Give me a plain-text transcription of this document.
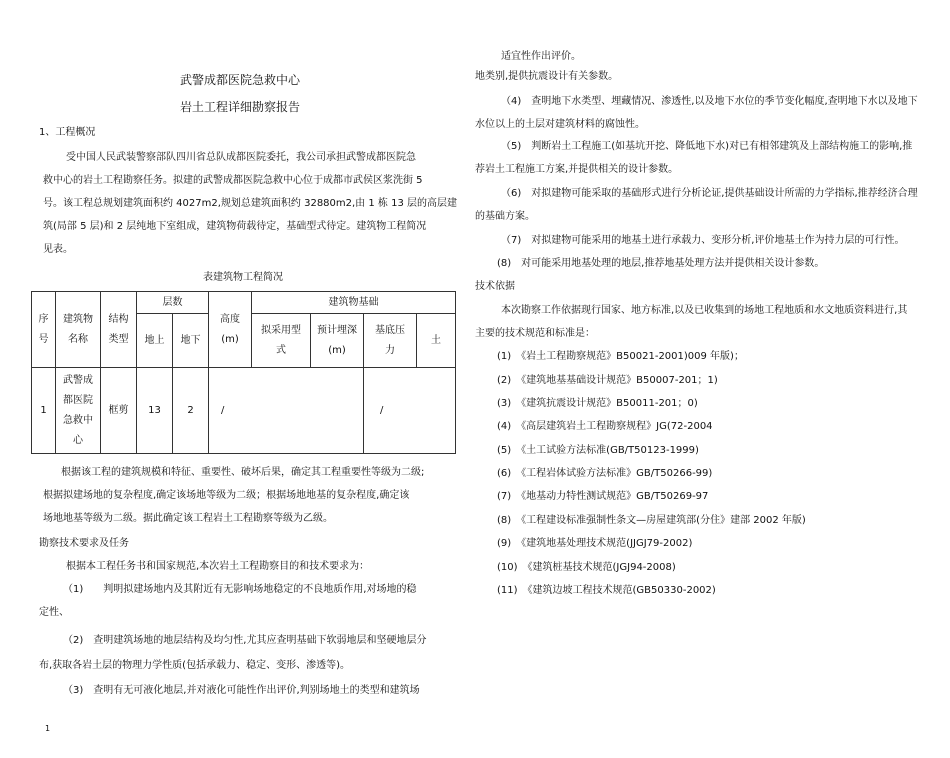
武警成都医院急救中心
岩土工程详细勘察报告
1、工程概况
受中国人民武装警察部队四川省总队成都医院委托，我公司承担武警成都医院急
救中心的岩土工程勘察任务。拟建的武警成都医院急救中心位于成都市武侯区浆洗街 5
号。该工程总规划建筑面积约 4027m2,规划总建筑面积约 32880m2,由 1 栋 13 层的高层建
筑(局部 5 层)和 2 层纯地下室组成，建筑物荷载待定，基础型式待定。建筑物工程简况
见表。
表建筑物工程简况
序号	建筑物名称	结构类型	层数		高度(m)	建筑物基础			
			地上	地下		拟采用型式	预计埋深(m)	基底压力	土

1	武警成都医院急救中心	框剪	13	2	/			/	
根据该工程的建筑规模和特征、重要性、破坏后果，确定其工程重要性等级为二级;
根据拟建场地的复杂程度,确定该场地等级为二级；根据场地地基的复杂程度,确定该
场地地基等级为二级。据此确定该工程岩土工程勘察等级为乙级。
勘察技术要求及任务
根据本工程任务书和国家规范,本次岩土工程勘察目的和技术要求为：
（1)　　判明拟建场地内及其附近有无影响场地稳定的不良地质作用,对场地的稳
定性、
（2)　查明建筑场地的地层结构及均匀性,尤其应查明基础下软弱地层和坚硬地层分
布,获取各岩土层的物理力学性质(包括承载力、稳定、变形、渗透等)。
（3)　查明有无可液化地层,并对液化可能性作出评价,判别场地土的类型和建筑场
1
适宜性作出评价。
地类别,提供抗震设计有关参数。
（4)　查明地下水类型、埋藏情况、渗透性,以及地下水位的季节变化幅度,查明地下水以及地下
水位以上的土层对建筑材料的腐蚀性。
（5)　判断岩土工程施工(如基坑开挖、降低地下水)对已有相邻建筑及上部结构施工的影响,推
荐岩土工程施工方案,并提供相关的设计参数。
（6)　对拟建物可能采取的基础形式进行分析论证,提供基础设计所需的力学指标,推荐经济合理
的基础方案。
（7)　对拟建物可能采用的地基土进行承载力、变形分析,评价地基土作为持力层的可行性。
(8)　对可能采用地基处理的地层,推荐地基处理方法并提供相关设计参数。
技术依据
本次勘察工作依据现行国家、地方标准,以及已收集到的场地工程地质和水文地质资料进行,其
主要的技术规范和标准是：
(1)　《岩土工程勘察规范》B50021-2001)009 年版)；
(2)　《建筑地基基础设计规范》B50007-201；1)
(3)　《建筑抗震设计规范》B50011-201；0)
(4)　《高层建筑岩土工程勘察规程》JG(72-2004
(5)　《土工试验方法标准(GB/T50123-1999)
(6)　《工程岩体试验方法标准》GB/T50266-99)
(7)　《地基动力特性测试规范》GB/T50269-97
(8)　《工程建设标准强制性条文—房屋建筑部(分住》建部 2002 年版)
(9)　《建筑地基处理技术规范(JJGJ79-2002)
(10)　《建筑桩基技术规范(JGJ94-2008)
(11)　《建筑边坡工程技术规范(GB50330-2002)
